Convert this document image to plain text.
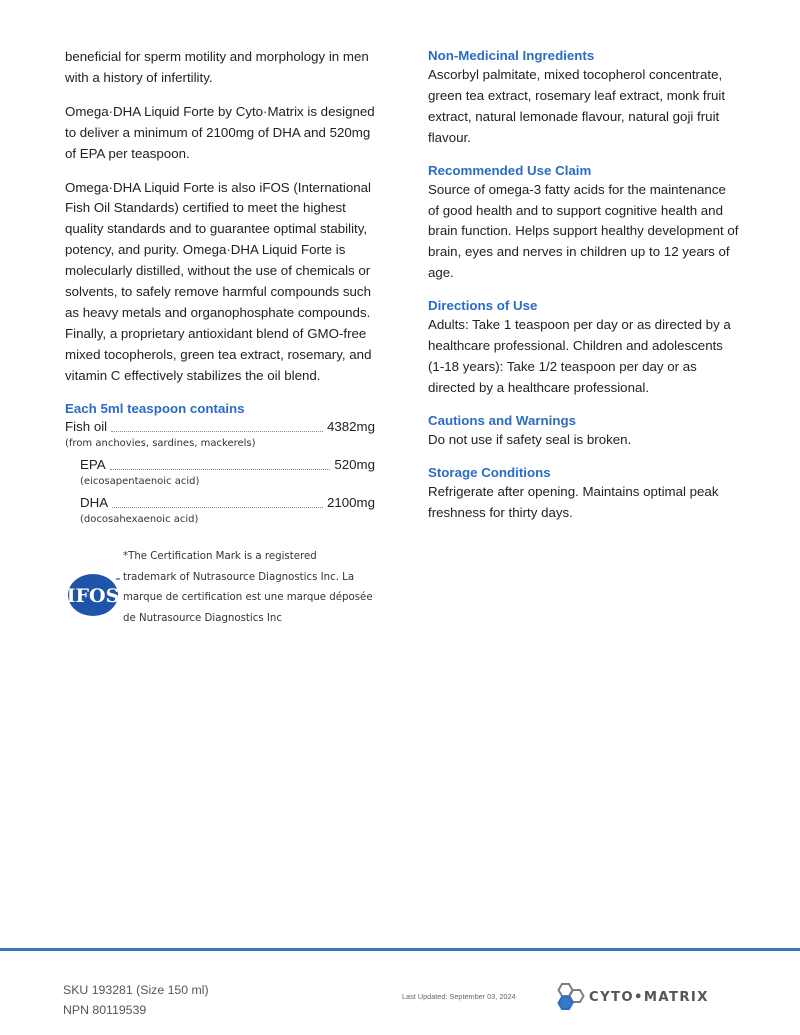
beneficial for sperm motility and morphology in men with a history of infertility.

Omega·DHA Liquid Forte by Cyto·Matrix is designed to deliver a minimum of 2100mg of DHA and 520mg of EPA per teaspoon.

Omega·DHA Liquid Forte is also iFOS (International Fish Oil Standards) certified to meet the highest quality standards and to guarantee optimal stability, potency, and purity. Omega·DHA Liquid Forte is molecularly distilled, without the use of chemicals or solvents, to safely remove harmful compounds such as heavy metals and organophosphate compounds. Finally, a proprietary antioxidant blend of GMO-free mixed tocopherols, green tea extract, rosemary, and vitamin C effectively stabilizes the oil blend.

Each 5ml teaspoon contains
Fish oil	4382mg
(from anchovies, sardines, mackerels)
EPA	520mg
(eicosapentaenoic acid)
DHA	2100mg
(docosahexaenoic acid)
IFOS
*The Certification Mark is a registered trademark of Nutrasource Diagnostics Inc. La marque de certification est une marque déposée de Nutrasource Diagnostics Inc
Non-Medicinal Ingredients

Ascorbyl palmitate, mixed tocopherol concentrate, green tea extract, rosemary leaf extract, monk fruit extract, natural lemonade flavour, natural goji fruit flavour.

Recommended Use Claim

Source of omega-3 fatty acids for the maintenance of good health and to support cognitive health and brain function. Helps support healthy development of brain, eyes and nerves in children up to 12 years of age.

Directions of Use

Adults: Take 1 teaspoon per day or as directed by a healthcare professional. Children and adolescents (1-18 years): Take 1/2 teaspoon per day or as directed by a healthcare professional.

Cautions and Warnings

Do not use if safety seal is broken.

Storage Conditions

Refrigerate after opening. Maintains optimal peak freshness for thirty days.

SKU 193281 (Size 150 ml)
NPN 80119539
Last Updated: September 03, 2024	CYTO•MATRIX
